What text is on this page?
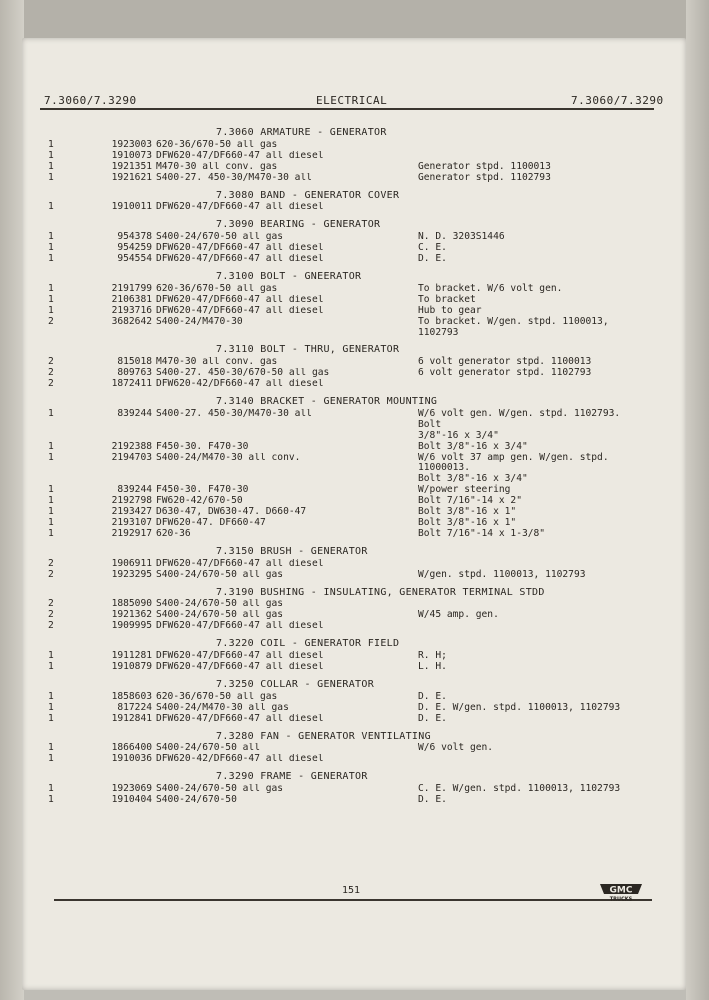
7.3060/7.3290	ELECTRICAL	7.3060/7.3290
7.3060 ARMATURE - GENERATOR
1	1923003 620-36/670-50 all gas
1	1910073 DFW620-47/DF660-47 all diesel
1	1921351 M470-30 all conv. gas	Generator stpd. 1100013
1	1921621 S400-27. 450-30/M470-30 all	Generator stpd. 1102793
7.3080 BAND - GENERATOR COVER
1	1910011 DFW620-47/DF660-47 all diesel
7.3090 BEARING - GENERATOR
1	954378 S400-24/670-50 all gas	N. D. 3203S1446
1	954259 DFW620-47/DF660-47 all diesel	C. E.
1	954554 DFW620-47/DF660-47 all diesel	D. E.
7.3100 BOLT - GNEERATOR
1	2191799 620-36/670-50 all gas	To bracket. W/6 volt gen.
1	2106381 DFW620-47/DF660-47 all diesel	To bracket
1	2193716 DFW620-47/DF660-47 all diesel	Hub to gear
2	3682642 S400-24/M470-30	To bracket. W/gen. stpd. 1100013, 1102793
7.3110 BOLT - THRU, GENERATOR
2	815018 M470-30 all conv. gas	6 volt generator stpd. 1100013
2	809763 S400-27. 450-30/670-50 all gas	6 volt generator stpd. 1102793
2	1872411 DFW620-42/DF660-47 all diesel
7.3140 BRACKET - GENERATOR MOUNTING
1	839244 S400-27. 450-30/M470-30 all	W/6 volt gen. W/gen. stpd. 1102793. Bolt
3/8"-16 x 3/4"
1	2192388 F450-30. F470-30	Bolt 3/8"-16 x 3/4"
1	2194703 S400-24/M470-30 all conv.	W/6 volt 37 amp gen. W/gen. stpd. 11000013.
Bolt 3/8"-16 x 3/4"
1	839244 F450-30. F470-30	W/power steering
1	2192798 FW620-42/670-50	Bolt 7/16"-14 x 2"
1	2193427 D630-47, DW630-47. D660-47	Bolt 3/8"-16 x 1"
1	2193107 DFW620-47. DF660-47	Bolt 3/8"-16 x 1"
1	2192917 620-36	Bolt 7/16"-14 x 1-3/8"
7.3150 BRUSH - GENERATOR
2	1906911 DFW620-47/DF660-47 all diesel
2	1923295 S400-24/670-50 all gas	W/gen. stpd. 1100013, 1102793
7.3190 BUSHING - INSULATING, GENERATOR TERMINAL STDD
2	1885090 S400-24/670-50 all gas
2	1921362 S400-24/670-50 all gas	W/45 amp. gen.
2	1909995 DFW620-47/DF660-47 all diesel
7.3220 COIL - GENERATOR FIELD
1	1911281 DFW620-47/DF660-47 all diesel	R. H;
1	1910879 DFW620-47/DF660-47 all diesel	L. H.
7.3250 COLLAR - GENERATOR
1	1858603 620-36/670-50 all gas	D. E.
1	817224 S400-24/M470-30 all gas	D. E. W/gen. stpd. 1100013, 1102793
1	1912841 DFW620-47/DF660-47 all diesel	D. E.
7.3280 FAN - GENERATOR VENTILATING
1	1866400 S400-24/670-50 all	W/6 volt gen.
1	1910036 DFW620-42/DF660-47 all diesel
7.3290 FRAME - GENERATOR
1	1923069 S400-24/670-50 all gas	C. E. W/gen. stpd. 1100013, 1102793
1	1910404 S400-24/670-50	D. E.
151	GMC
TRUCKS
